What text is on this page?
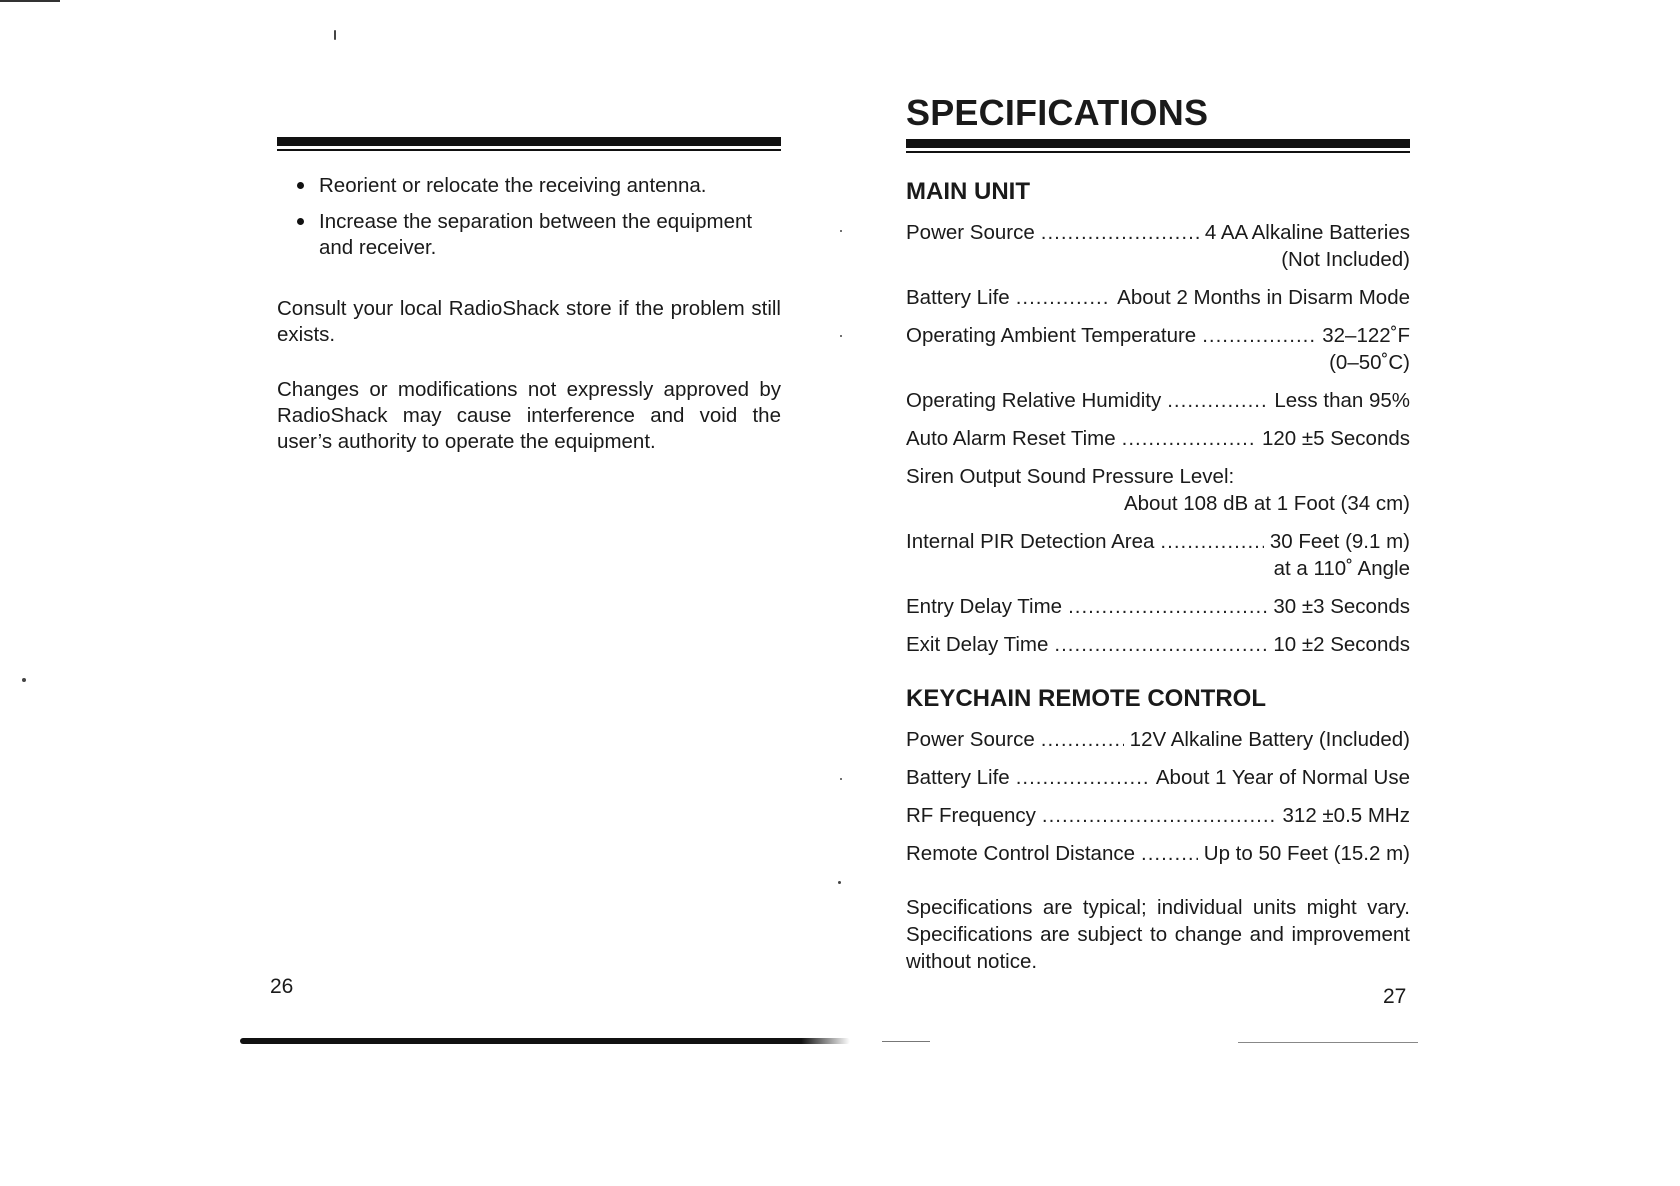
Reorient or relocate the receiving antenna.
Increase the separation between the equipment and receiver.

Consult your local RadioShack store if the problem still exists.

Changes or modifications not expressly approved by RadioShack may cause interference and void the user’s authority to operate the equipment.

26
SPECIFICATIONS
MAIN UNIT
Power Source .....	4 AA Alkaline Batteries
(Not Included)
Battery Life .....	About 2 Months in Disarm Mode
Operating Ambient Temperature .....	32–122˚F
(0–50˚C)
Operating Relative Humidity .....	Less than 95%
Auto Alarm Reset Time .....	120 ±5 Seconds
Siren Output Sound Pressure Level:
About 108 dB at 1 Foot (34 cm)
Internal PIR Detection Area .....	30 Feet (9.1 m)
at a 110˚ Angle
Entry Delay Time .....	30 ±3 Seconds
Exit Delay Time .....	10 ±2 Seconds
KEYCHAIN REMOTE CONTROL
Power Source .....	12V Alkaline Battery (Included)
Battery Life .....	About 1 Year of Normal Use
RF Frequency .....	312 ±0.5 MHz
Remote Control Distance .....	Up to 50 Feet (15.2 m)

Specifications are typical; individual units might vary. Specifications are subject to change and improvement without notice.

27
